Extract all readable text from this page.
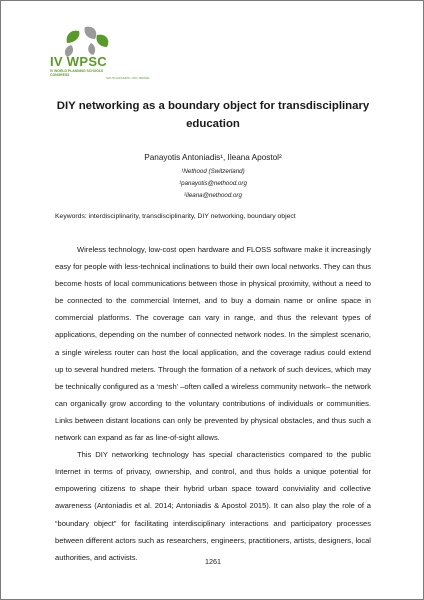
IV WPSC
IV WORLD PLANNING SCHOOLS CONGRESS
SOUTH AFFAIRS • RIO, BRAZIL
DIY networking as a boundary object for transdisciplinary education
Panayotis Antoniadis¹, Ileana Apostol²
¹Nethood (Switzerland)
¹panayotis@nethood.org
²ileana@nethood.org
Keywords: interdisciplinarity, transdisciplinarity, DIY networking, boundary object

Wireless technology, low-cost open hardware and FLOSS software make it increasingly easy for people with less-technical inclinations to build their own local networks. They can thus become hosts of local communications between those in physical proximity, without a need to be connected to the commercial Internet, and to buy a domain name or online space in commercial platforms. The coverage can vary in range, and thus the relevant types of applications, depending on the number of connected network nodes. In the simplest scenario, a single wireless router can host the local application, and the coverage radius could extend up to several hundred meters. Through the formation of a network of such devices, which may be technically configured as a ‘mesh’ –often called a wireless community network– the network can organically grow according to the voluntary contributions of individuals or communities. Links between distant locations can only be prevented by physical obstacles, and thus such a network can expand as far as line-of-sight allows.

This DIY networking technology has special characteristics compared to the public Internet in terms of privacy, ownership, and control, and thus holds a unique potential for empowering citizens to shape their hybrid urban space toward conviviality and collective awareness (Antoniadis et al. 2014; Antoniadis & Apostol 2015). It can also play the role of a “boundary object” for facilitating interdisciplinary interactions and participatory processes between different actors such as researchers, engineers, practitioners, artists, designers, local authorities, and activists.	1261
